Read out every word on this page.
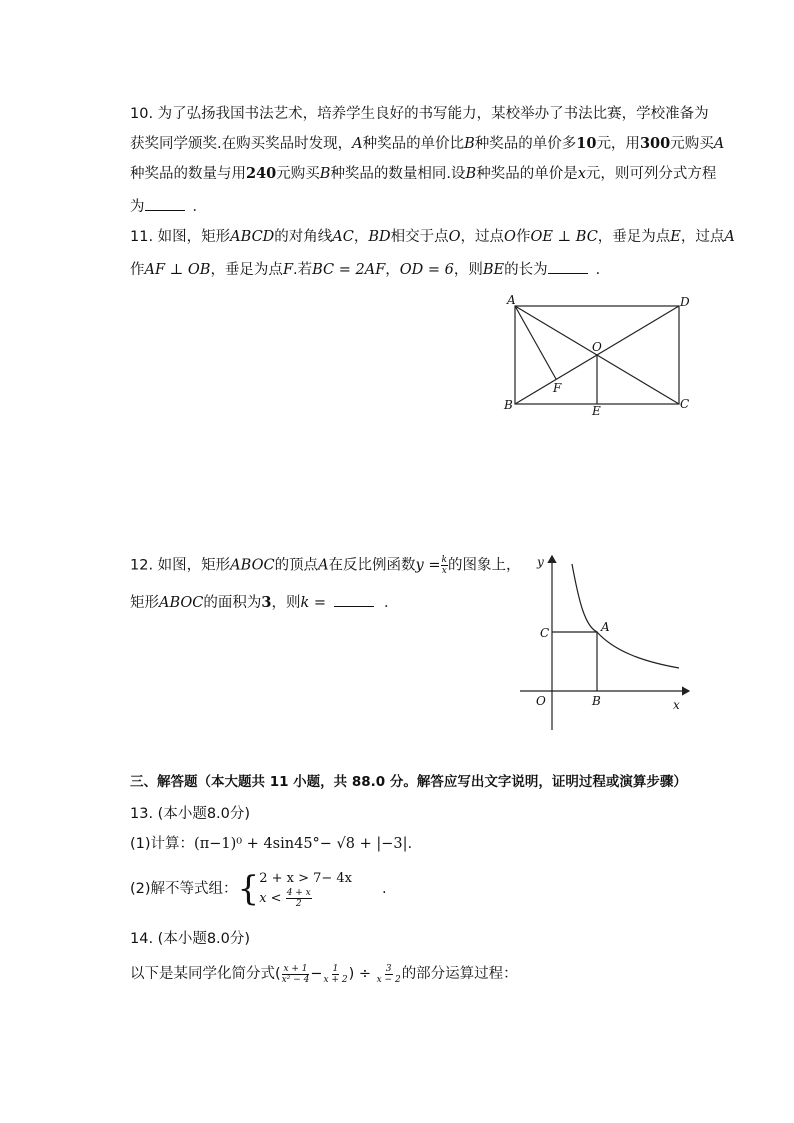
10. 为了弘扬我国书法艺术，培养学生良好的书写能力，某校举办了书法比赛，学校准备为
获奖同学颁奖.在购买奖品时发现，A种奖品的单价比B种奖品的单价多10元，用300元购买A
种奖品的数量与用240元购买B种奖品的数量相同.设B种奖品的单价是x元，则可列分式方程
为	．
11. 如图，矩形ABCD的对角线AC，BD相交于点O，过点O作OE ⊥ BC，垂足为点E，过点A
作AF ⊥ OB，垂足为点F.若BC = 2AF，OD = 6，则BE的长为	．
A	D
O
F
B	E	C
12. 如图，矩形ABOC的顶点A在反比例函数$y = \frac{k}{x}$ 的图象上，
矩形ABOC的面积为3，则k =	．
y
x
C	A
O	B
三、解答题（本大题共 11 小题，共 88.0 分。解答应写出文字说明，证明过程或演算步骤）
13. (本小题8.0分)
(1)计算：(π−1)⁰ + 4sin45°− √8 + |−3|.
(2)解不等式组：{ 2 + x > 7− 4x
$x < \frac{4 + x}{2}$	.
14. (本小题8.0分)
以下是某同学化简分式( $\frac{x + 1}{\text{x² − 4}} - \frac{1}{x + 2}$ ) ÷ $\frac{3}{x - 2}$ 的部分运算过程：
